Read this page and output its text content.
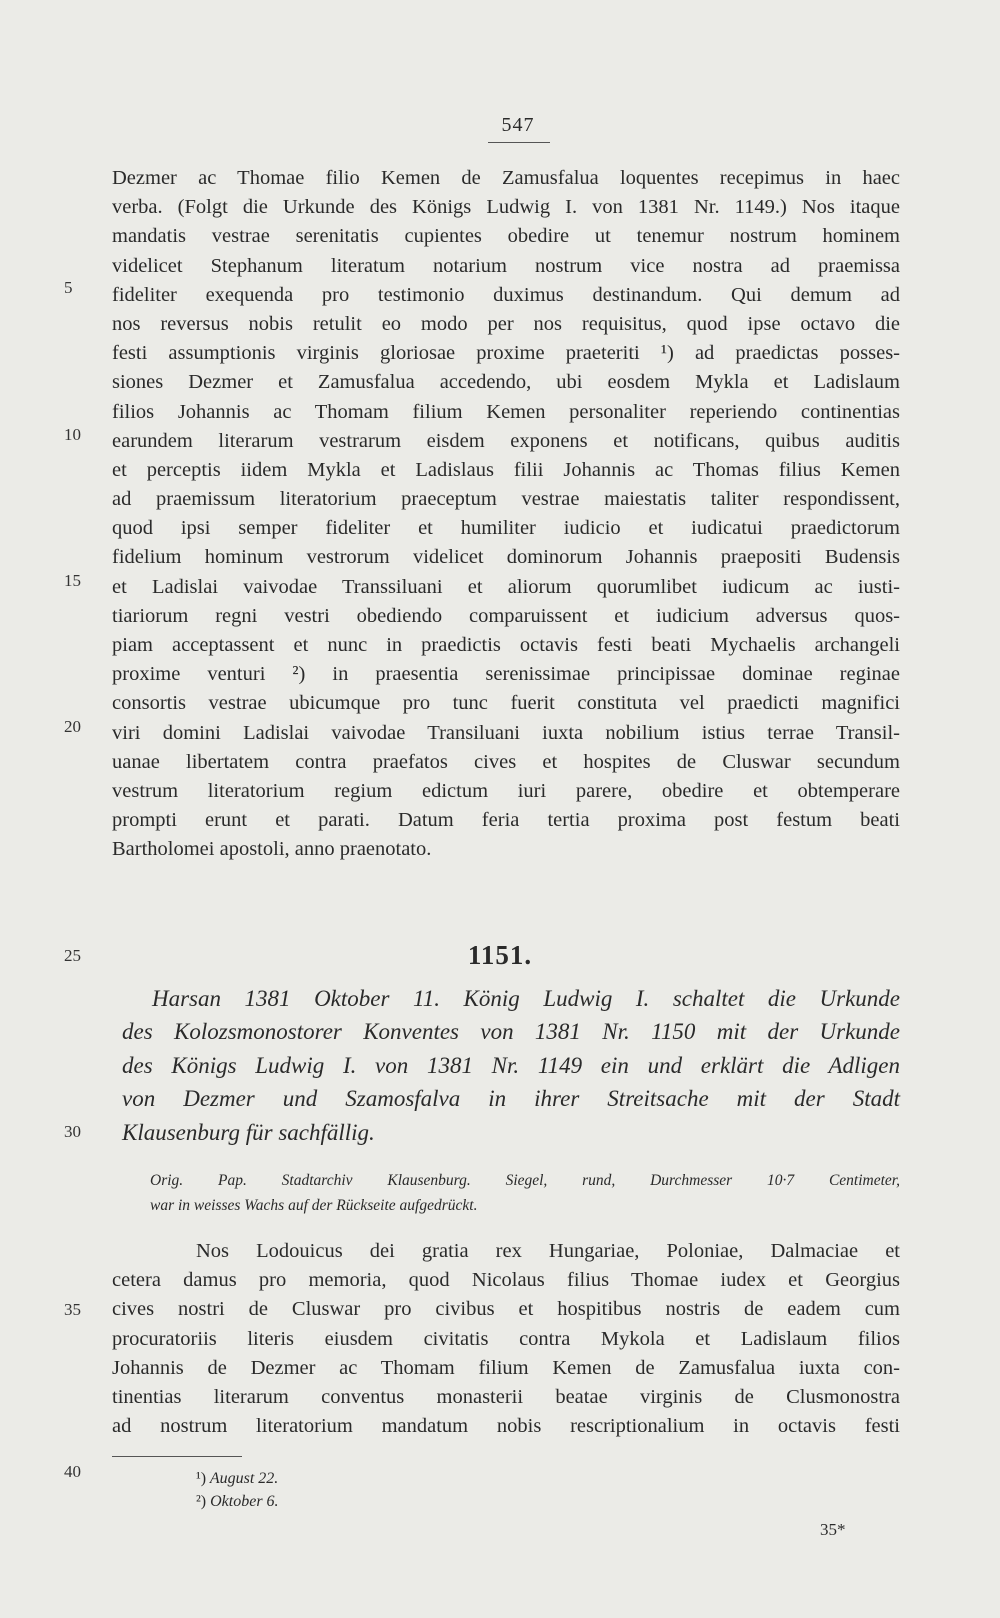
547
Dezmer ac Thomae filio Kemen de Zamusfalua loquentes recepimus in haec
verba. (Folgt die Urkunde des Königs Ludwig I. von 1381 Nr. 1149.) Nos itaque
mandatis vestrae serenitatis cupientes obedire ut tenemur nostrum hominem
videlicet Stephanum literatum notarium nostrum vice nostra ad praemissa
fideliter exequenda pro testimonio duximus destinandum. Qui demum ad
nos reversus nobis retulit eo modo per nos requisitus, quod ipse octavo die
festi assumptionis virginis gloriosae proxime praeteriti ¹) ad praedictas posses-
siones Dezmer et Zamusfalua accedendo, ubi eosdem Mykla et Ladislaum
filios Johannis ac Thomam filium Kemen personaliter reperiendo continentias
earundem literarum vestrarum eisdem exponens et notificans, quibus auditis
et perceptis iidem Mykla et Ladislaus filii Johannis ac Thomas filius Kemen
ad praemissum literatorium praeceptum vestrae maiestatis taliter respondissent,
quod ipsi semper fideliter et humiliter iudicio et iudicatui praedictorum
fidelium hominum vestrorum videlicet dominorum Johannis praepositi Budensis
et Ladislai vaivodae Transsiluani et aliorum quorumlibet iudicum ac iusti-
tiariorum regni vestri obediendo comparuissent et iudicium adversus quos-
piam acceptassent et nunc in praedictis octavis festi beati Mychaelis archangeli
proxime venturi ²) in praesentia serenissimae principissae dominae reginae
consortis vestrae ubicumque pro tunc fuerit constituta vel praedicti magnifici
viri domini Ladislai vaivodae Transiluani iuxta nobilium istius terrae Transil-
uanae libertatem contra praefatos cives et hospites de Cluswar secundum
vestrum literatorium regium edictum iuri parere, obedire et obtemperare
prompti erunt et parati. Datum feria tertia proxima post festum beati
Bartholomei apostoli, anno praenotato.
5
10
15
20
25
30
35
40
1151.
Harsan 1381 Oktober 11. König Ludwig I. schaltet die Urkunde
des Kolozsmonostorer Konventes von 1381 Nr. 1150 mit der Urkunde
des Königs Ludwig I. von 1381 Nr. 1149 ein und erklärt die Adligen
von Dezmer und Szamosfalva in ihrer Streitsache mit der Stadt
Klausenburg für sachfällig.
Orig. Pap. Stadtarchiv Klausenburg. Siegel, rund, Durchmesser 10·7 Centimeter,
war in weisses Wachs auf der Rückseite aufgedrückt.
Nos Lodouicus dei gratia rex Hungariae, Poloniae, Dalmaciae et
cetera damus pro memoria, quod Nicolaus filius Thomae iudex et Georgius
cives nostri de Cluswar pro civibus et hospitibus nostris de eadem cum
procuratoriis literis eiusdem civitatis contra Mykola et Ladislaum filios
Johannis de Dezmer ac Thomam filium Kemen de Zamusfalua iuxta con-
tinentias literarum conventus monasterii beatae virginis de Clusmonostra
ad nostrum literatorium mandatum nobis rescriptionalium in octavis festi
¹) August 22.
²) Oktober 6.
35*
